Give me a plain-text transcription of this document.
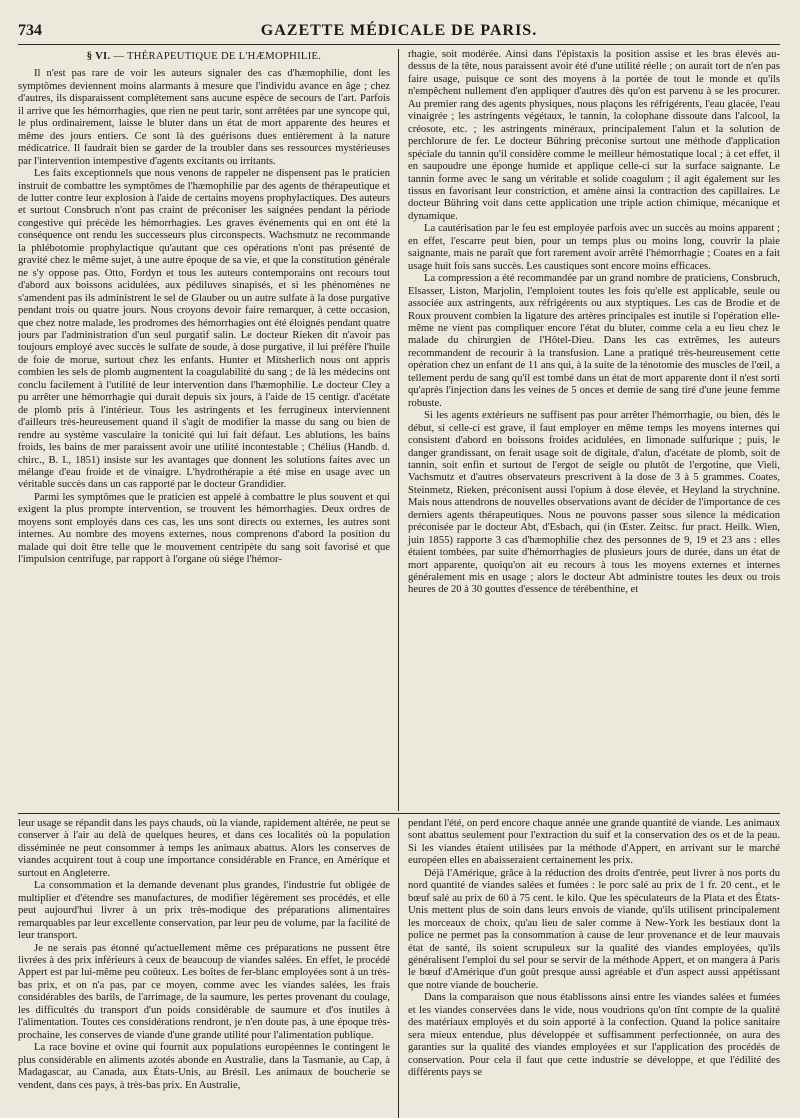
734	GAZETTE MÉDICALE DE PARIS.
§ VI. — THÉRAPEUTIQUE DE L'HÆMOPHILIE.

Il n'est pas rare de voir les auteurs signaler des cas d'hæmophilie, dont les symptômes deviennent moins alarmants à mesure que l'individu avance en âge ; chez d'autres, ils disparaissent complétement sans aucune espèce de secours de l'art. Parfois il arrive que les hémorrhagies, que rien ne peut tarir, sont arrêtées par une syncope qui, le plus ordinairement, laisse le bluter dans un état de mort apparente des heures et même des jours entiers. Ce sont là des guérisons dues entièrement à la nature médicatrice. Il faudrait bien se garder de la troubler dans ses ressources mystérieuses par l'intervention intempestive d'agents excitants ou irritants.

Les faits exceptionnels que nous venons de rappeler ne dispensent pas le praticien instruit de combattre les symptômes de l'hæmophilie par des agents de thérapeutique et de lutter contre leur explosion à l'aide de certains moyens prophylactiques. Des auteurs et surtout Consbruch n'ont pas craint de préconiser les saignées pendant la période congestive qui précède les hémorrhagies. Les graves événements qui en ont été la conséquence ont rendu les successeurs plus circonspects. Wachsmutz ne recommande la phlébotomie prophylactique qu'autant que ces opérations n'ont pas présenté de gravité chez le même sujet, à une autre époque de sa vie, et que la constitution générale ne s'y oppose pas. Otto, Fordyn et tous les auteurs contemporains ont recours tout d'abord aux boissons acidulées, aux pédiluves sinapisés, et si les phénomènes ne s'amendent pas ils administrent le sel de Glauber ou un autre sulfate à la dose purgative pendant trois ou quatre jours. Nous croyons devoir faire remarquer, à cette occasion, que chez notre malade, les prodromes des hémorrhagies ont été éloignés pendant quatre jours par l'administration d'un seul purgatif salin. Le docteur Rieken dit n'avoir pas toujours employé avec succès le sulfate de soude, à dose purgative, il lui préfère l'huile de foie de morue, surtout chez les enfants. Hunter et Mitsherlich nous ont appris combien les sels de plomb augmentent la coagulabilité du sang ; de là les médecins ont conclu facilement à l'utilité de leur intervention dans l'hæmophilie. Le docteur Cley a pu arrêter une hémorrhagie qui durait depuis six jours, à l'aide de 15 centigr. d'acétate de plomb pris à l'intérieur. Tous les astringents et les ferrugineux interviennent d'ailleurs très-heureusement quand il s'agit de modifier la masse du sang ou bien de rendre au système vasculaire la tonicité qui lui fait défaut. Les ablutions, les bains froids, les bains de mer paraissent avoir une utilité incontestable ; Chélius (Handb. d. chirc., B. I., 1851) insiste sur les avantages que donnent les solutions faites avec un mélange d'eau froide et de vinaigre. L'hydrothérapie a été mise en usage avec un véritable succès dans un cas rapporté par le docteur Grandidier.

Parmi les symptômes que le praticien est appelé à combattre le plus souvent et qui exigent la plus prompte intervention, se trouvent les hémorrhagies. Deux ordres de moyens sont employés dans ces cas, les uns sont directs ou externes, les autres sont internes. Au nombre des moyens externes, nous comprenons d'abord la position du malade qui doit être telle que le mouvement centripète du sang soit favorisé et que l'impulsion centrifuge, par rapport à l'organe où siége l'hémor-

rhagie, soit modérée. Ainsi dans l'épistaxis la position assise et les bras élevés au-dessus de la tête, nous paraissent avoir été d'une utilité réelle ; on aurait tort de n'en pas faire usage, puisque ce sont des moyens à la portée de tout le monde et qu'ils n'empêchent nullement d'en appliquer d'autres dès qu'on est parvenu à se les procurer. Au premier rang des agents physiques, nous plaçons les réfrigérents, l'eau glacée, l'eau vinaigrée ; les astringents végétaux, le tannin, la colophane dissoute dans l'alcool, la créosote, etc. ; les astringents minéraux, principalement l'alun et la solution de perchlorure de fer. Le docteur Bühring préconise surtout une méthode d'application spéciale du tannin qu'il considère comme le meilleur hémostatique local ; à cet effet, il en saupoudre une éponge humide et applique celle-ci sur la surface saignante. Le tannin forme avec le sang un véritable et solide coagulum ; il agit également sur les tissus en favorisant leur constriction, et amène ainsi la contraction des capillaires. Le docteur Bühring voit dans cette application une triple action chimique, mécanique et dynamique.

La cautérisation par le feu est employée parfois avec un succès au moins apparent ; en effet, l'escarre peut bien, pour un temps plus ou moins long, couvrir la plaie saignante, mais ne paraît que fort rarement avoir arrêté l'hémorrhagie ; Coates en a fait usage huit fois sans succès. Les caustiques sont encore moins efficaces.

La compression a été recommandée par un grand nombre de praticiens, Consbruch, Elsasser, Liston, Marjolin, l'emploient toutes les fois qu'elle est applicable, seule ou associée aux astringents, aux réfrigérents ou aux styptiques. Les cas de Brodie et de Roux prouvent combien la ligature des artères principales est inutile si l'opération elle-même ne vient pas compliquer encore l'état du bluter, comme cela a eu lieu chez le malade du chirurgien de l'Hôtel-Dieu. Dans les cas extrêmes, les auteurs recommandent de recourir à la transfusion. Lane a pratiqué très-heureusement cette opération chez un enfant de 11 ans qui, à la suite de la ténotomie des muscles de l'œil, a tellement perdu de sang qu'il est tombé dans un état de mort apparente dont il n'est sorti qu'après l'injection dans les veines de 5 onces et demie de sang tiré d'une jeune femme robuste.

Si les agents extérieurs ne suffisent pas pour arrêter l'hémorrhagie, ou bien, dès le début, si celle-ci est grave, il faut employer en même temps les moyens internes qui consistent d'abord en boissons froides acidulées, en limonade sulfurique ; puis, le danger grandissant, on ferait usage soit de digitale, d'alun, d'acétate de plomb, soit de tannin, soit enfin et surtout de l'ergot de seigle ou plutôt de l'ergotine, que Vieli, Vachsmutz et d'autres observateurs prescrivent à la dose de 3 à 5 grammes. Coates, Steinmetz, Rieken, préconisent aussi l'opium à dose élevée, et Heyland la strychnine. Mais nous attendrons de nouvelles observations avant de décider de l'importance de ces derniers agents thérapeutiques. Nous ne pouvons passer sous silence la médication préconisée par le docteur Abt, d'Esbach, qui (in Œster. Zeitsc. fur pract. Heilk. Wien, juin 1855) rapporte 3 cas d'hæmophilie chez des personnes de 9, 19 et 23 ans : elles étaient tombées, par suite d'hémorrhagies de plusieurs jours de durée, dans un état de mort apparente, quoiqu'on ait eu recours à tous les moyens externes et internes généralement mis en usage ; alors le docteur Abt administre toutes les deux ou trois heures de 20 à 30 gouttes d'essence de térébenthine, et

leur usage se répandit dans les pays chauds, où la viande, rapidement altérée, ne peut se conserver à l'air au delà de quelques heures, et dans ces localités où la population disséminée ne peut consommer à temps les animaux abattus. Alors les conserves de viandes acquirent tout à coup une importance considérable en France, en Amérique et surtout en Angleterre.

La consommation et la demande devenant plus grandes, l'industrie fut obligée de multiplier et d'étendre ses manufactures, de modifier légèrement ses procédés, et elle peut aujourd'hui livrer à un prix très-modique des préparations alimentaires remarquables par leur excellente conservation, par leur peu de volume, par la facilité de leur transport.

Je ne serais pas étonné qu'actuellement même ces préparations ne pussent être livrées à des prix inférieurs à ceux de beaucoup de viandes salées. En effet, le procédé Appert est par lui-même peu coûteux. Les boîtes de fer-blanc employées sont à un très-bas prix, et on n'a pas, par ce moyen, comme avec les viandes salées, les frais considérables des barils, de l'arrimage, de la saumure, les pertes provenant du coulage, les difficultés du transport d'un poids considérable de saumure et d'os inutiles à l'alimentation. Toutes ces considérations rendront, je n'en doute pas, à une époque très-prochaine, les conserves de viande d'une grande utilité pour l'alimentation publique.

La race bovine et ovine qui fournit aux populations européennes le contingent le plus considérable en aliments azotés abonde en Australie, dans la Tasmanie, au Cap, à Madagascar, au Canada, aux États-Unis, au Brésil. Les animaux de boucherie se vendent, dans ces pays, à très-bas prix. En Australie,

pendant l'été, on perd encore chaque année une grande quantité de viande. Les animaux sont abattus seulement pour l'extraction du suif et la conservation des os et de la peau. Si les viandes étaient utilisées par la méthode d'Appert, en arrivant sur le marché européen elles en abaisseraient certainement les prix.

Déjà l'Amérique, grâce à la réduction des droits d'entrée, peut livrer à nos ports du nord quantité de viandes salées et fumées : le porc salé au prix de 1 fr. 20 cent., et le bœuf salé au prix de 60 à 75 cent. le kilo. Que les spéculateurs de la Plata et des États-Unis mettent plus de soin dans leurs envois de viande, qu'ils utilisent principalement les morceaux de choix, qu'au lieu de saler comme à New-York les bestiaux dont la police ne permet pas la consommation à cause de leur provenance et de leur mauvais état de santé, ils soient scrupuleux sur la qualité des viandes employées, qu'ils généralisent l'emploi du sel pour se servir de la méthode Appert, et on mangera à Paris le bœuf d'Amérique d'un goût presque aussi agréable et d'un aspect aussi appétissant que notre viande de boucherie.

Dans la comparaison que nous établissons ainsi entre les viandes salées et fumées et les viandes conservées dans le vide, nous voudrions qu'on tînt compte de la qualité des matériaux employés et du soin apporté à la confection. Quand la police sanitaire sera mieux entendue, plus développée et suffisamment perfectionnée, on aura des garanties sur la qualité des viandes employées et sur l'application des procédés de conservation. Pour cela il faut que cette industrie se développe, et que l'édilité des différents pays se
